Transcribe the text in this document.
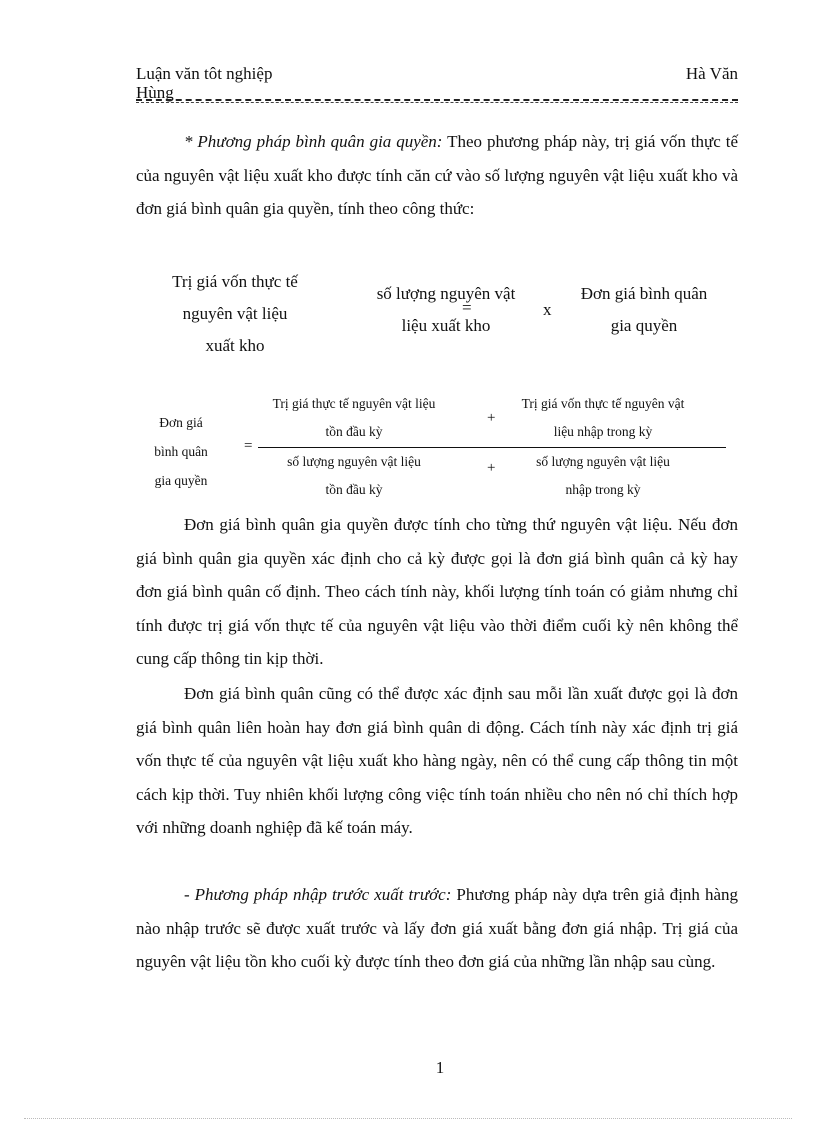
Luận văn tôt nghiệp	Hà Văn
Hùng
* Phương pháp bình quân gia quyền: Theo phương pháp này, trị giá vốn thực tế của nguyên vật liệu xuất kho được tính căn cứ vào số lượng nguyên vật liệu xuất kho và đơn giá bình quân gia quyền, tính theo công thức:
Trị giá vốn thực tế
nguyên vật liệu
xuất kho
=
số lượng nguyên vật
liệu xuất kho
x
Đơn giá bình quân
gia quyền
Đơn giá
bình quân
gia quyền
=
Trị giá thực tế nguyên vật liệu
tồn đầu kỳ
+
Trị giá vốn thực tế nguyên vật
liệu nhập trong kỳ
số lượng nguyên vật liệu
tồn đầu kỳ
+	số lượng nguyên vật liệu
nhập trong kỳ
Đơn giá bình quân gia quyền được tính cho từng thứ nguyên vật liệu. Nếu đơn giá bình quân gia quyền xác định cho cả kỳ được gọi là đơn giá bình quân cả kỳ hay đơn giá bình quân cố định. Theo cách tính này, khối lượng tính toán có giảm nhưng chỉ tính được trị giá vốn thực tế của nguyên vật liệu vào thời điểm cuối kỳ nên không thể cung cấp thông tin kịp thời.
Đơn giá bình quân cũng có thể được xác định sau mỗi lần xuất được gọi là đơn giá bình quân liên hoàn hay đơn giá bình quân di động. Cách tính này xác định trị giá vốn thực tế của nguyên vật liệu xuất kho hàng ngày, nên có thể cung cấp thông tin một cách kịp thời. Tuy nhiên khối lượng công việc tính toán nhiều cho nên nó chỉ thích hợp với những doanh nghiệp đã kế toán máy.
- Phương pháp nhập trước xuất trước: Phương pháp này dựa trên giả định hàng nào nhập trước sẽ được xuất trước và lấy đơn giá xuất bằng đơn giá nhập. Trị giá của nguyên vật liệu tồn kho cuối kỳ được tính theo đơn giá của những lần nhập sau cùng.
1
